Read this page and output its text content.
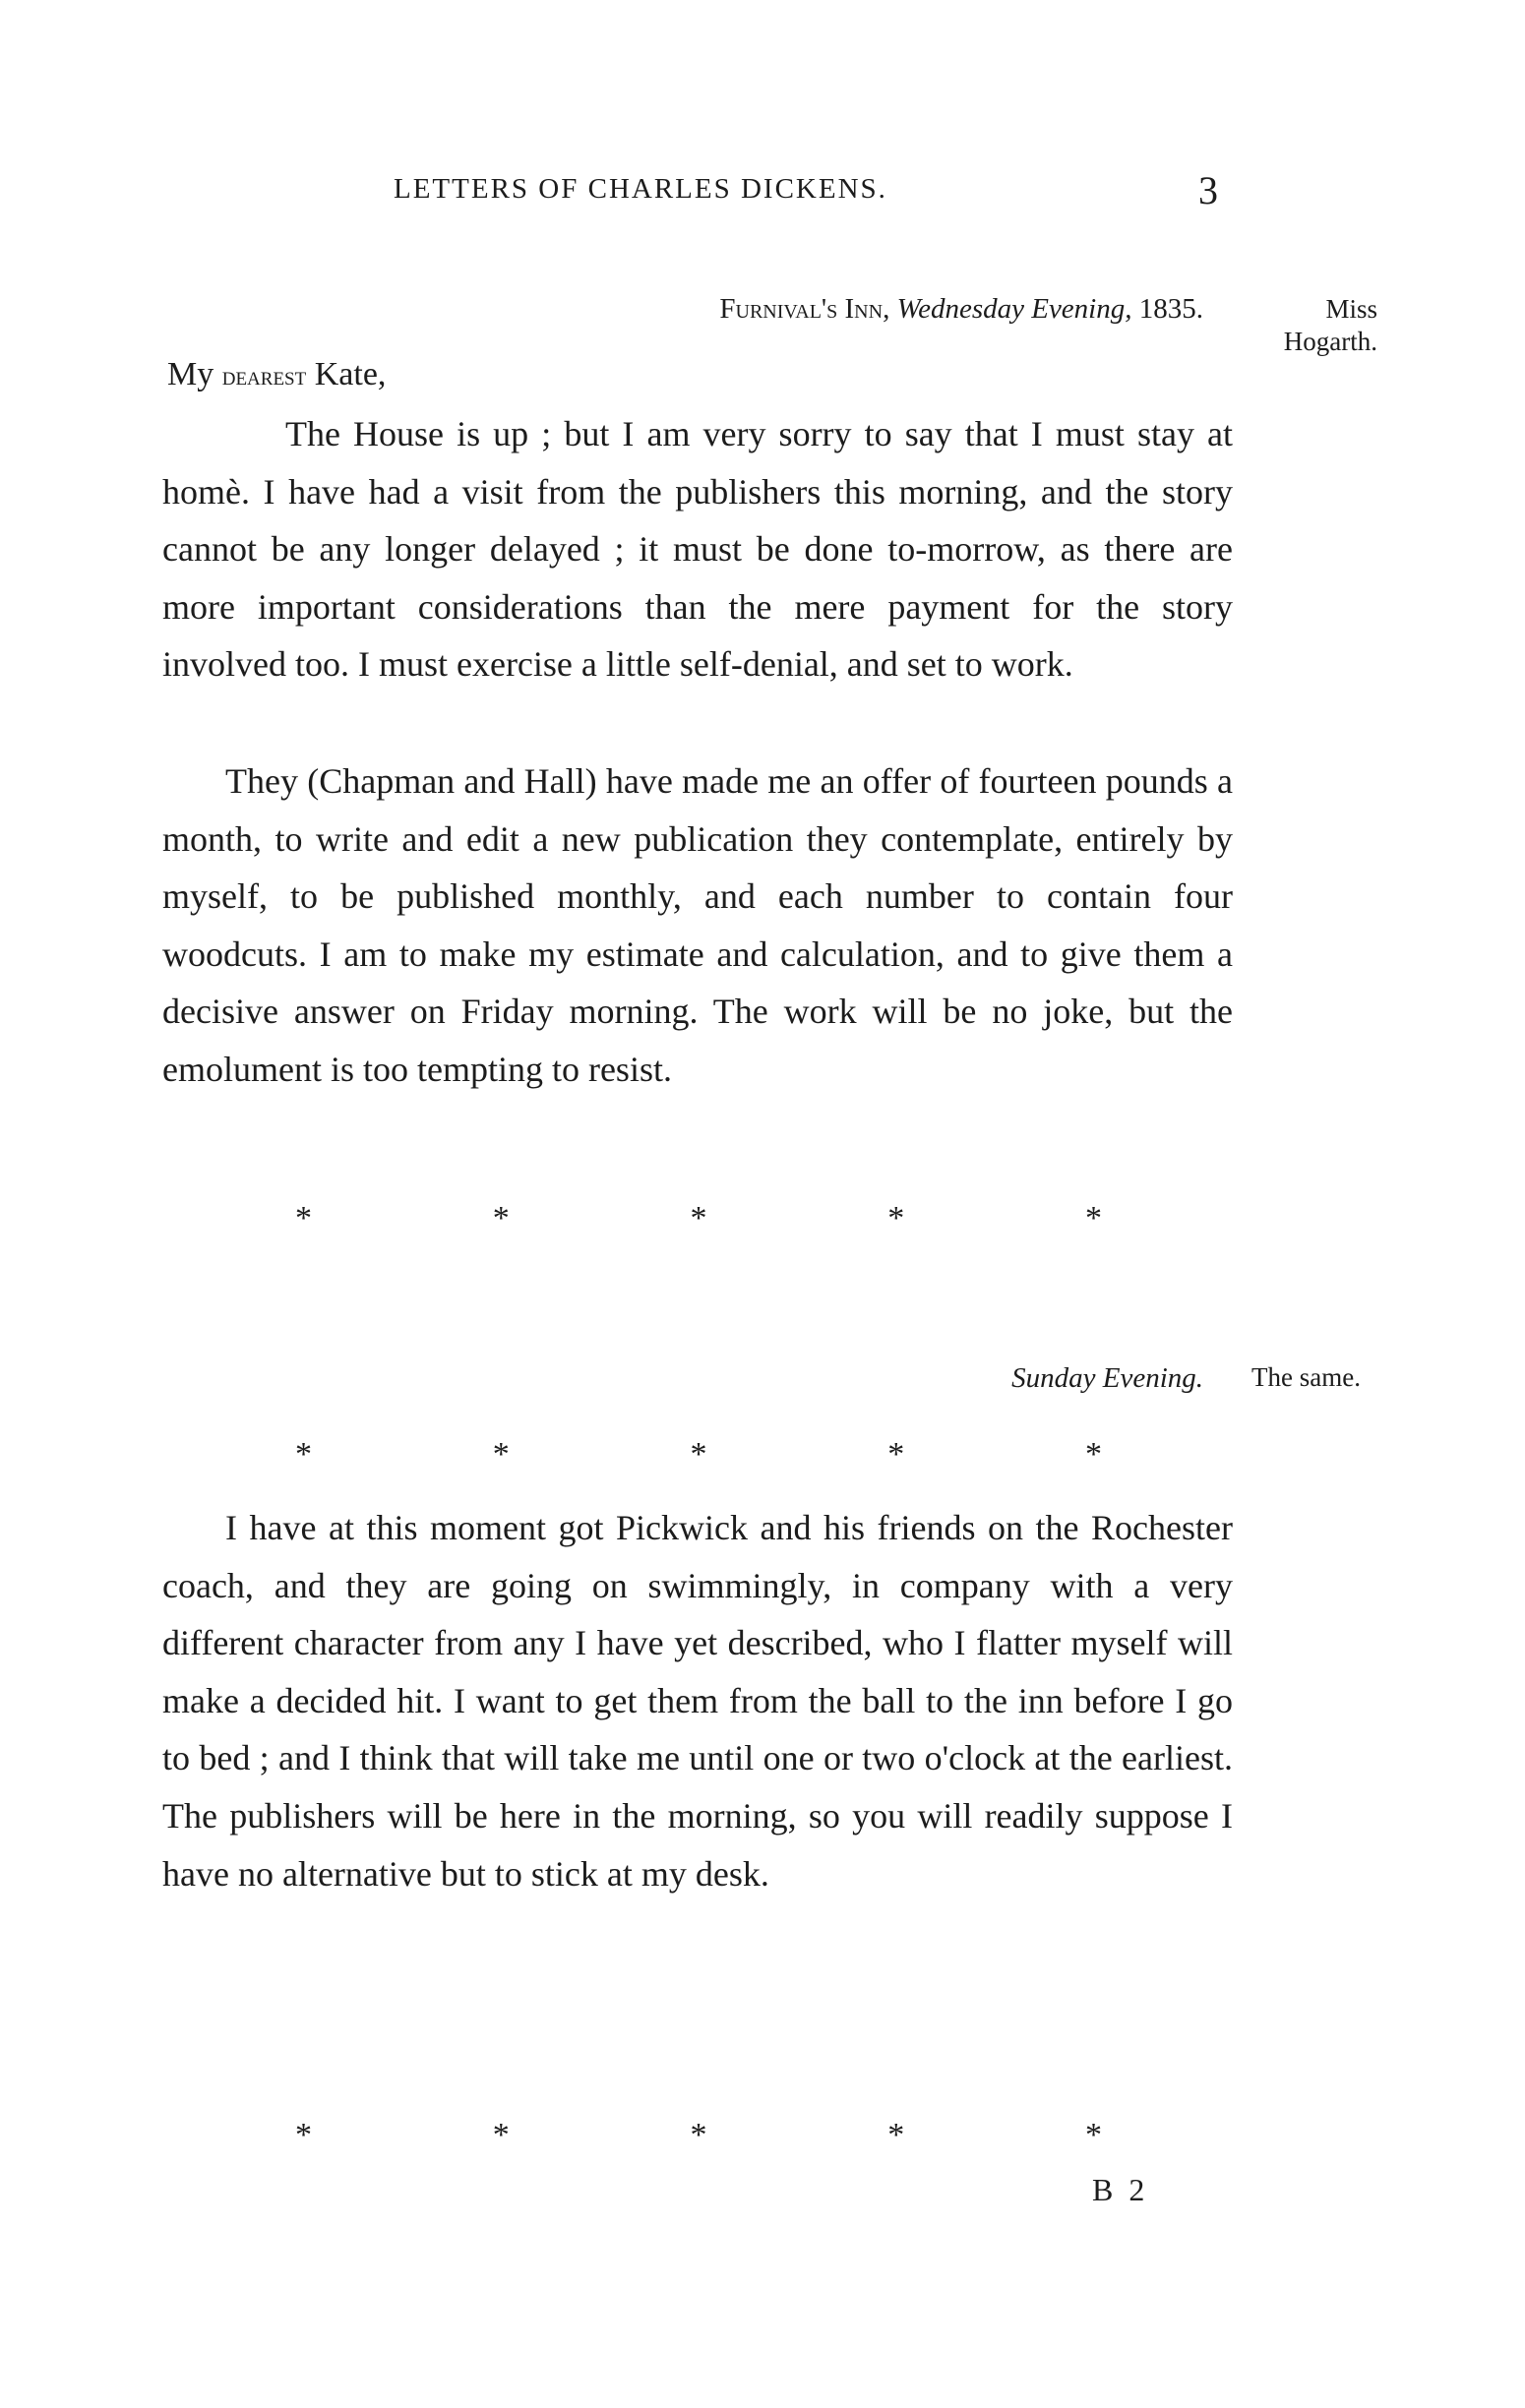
LETTERS OF CHARLES DICKENS.	3
Furnival's Inn, Wednesday Evening, 1835.	Miss Hogarth.
My dearest Kate,
The House is up ; but I am very sorry to say that I must stay at homè. I have had a visit from the publishers this morning, and the story cannot be any longer delayed ; it must be done to-morrow, as there are more important considerations than the mere payment for the story involved too. I must exercise a little self-denial, and set to work.
They (Chapman and Hall) have made me an offer of fourteen pounds a month, to write and edit a new publication they contemplate, entirely by myself, to be published monthly, and each number to contain four woodcuts. I am to make my estimate and calculation, and to give them a decisive answer on Friday morning. The work will be no joke, but the emolument is too tempting to resist.
*	*	*	*	*
Sunday Evening. The same.
*	*	*	*	*
I have at this moment got Pickwick and his friends on the Rochester coach, and they are going on swimmingly, in company with a very different character from any I have yet described, who I flatter myself will make a decided hit. I want to get them from the ball to the inn before I go to bed ; and I think that will take me until one or two o'clock at the earliest. The publishers will be here in the morning, so you will readily suppose I have no alternative but to stick at my desk.
*	*	*	*	*
B 2
